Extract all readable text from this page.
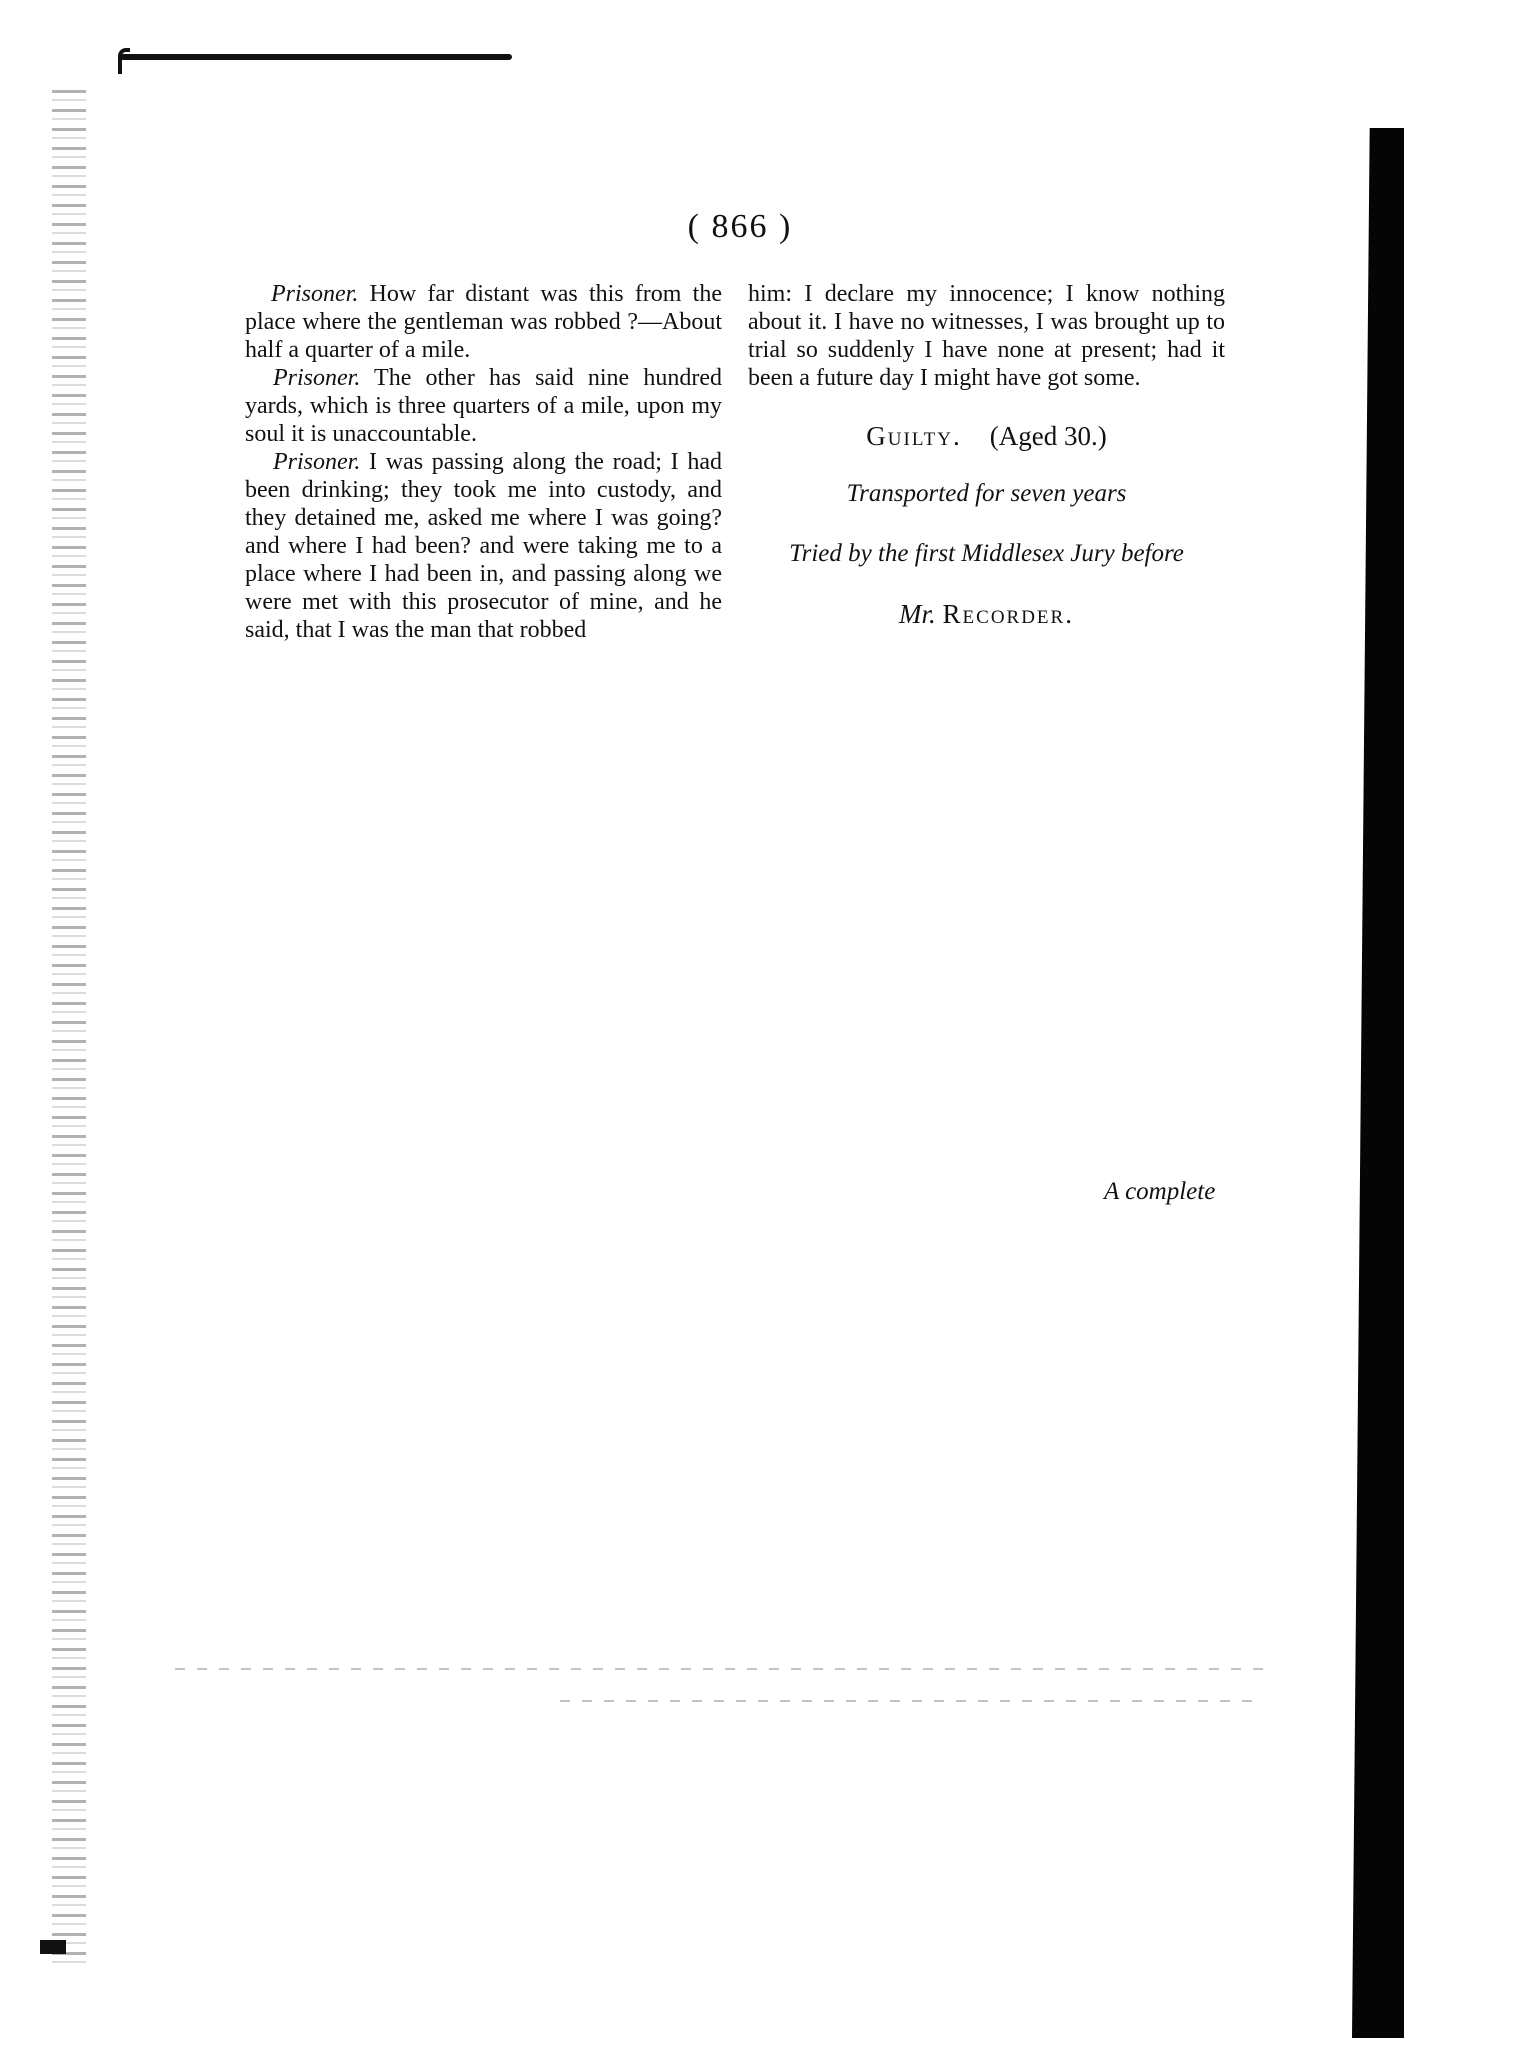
( 866 )

Prisoner. How far distant was this from the place where the gentleman was robbed ?—About half a quarter of a mile.

Prisoner. The other has said nine hundred yards, which is three quarters of a mile, upon my soul it is unaccountable.

Prisoner. I was passing along the road; I had been drinking; they took me into custody, and they detained me, asked me where I was going? and where I had been? and were taking me to a place where I had been in, and passing along we were met with this prosecutor of mine, and he said, that I was the man that robbed

him: I declare my innocence; I know nothing about it. I have no witnesses, I was brought up to trial so suddenly I have none at present; had it been a future day I might have got some.

Guilty. (Aged 30.)
Transported for seven years
Tried by the first Middlesex Jury before
Mr. Recorder.
A complete
